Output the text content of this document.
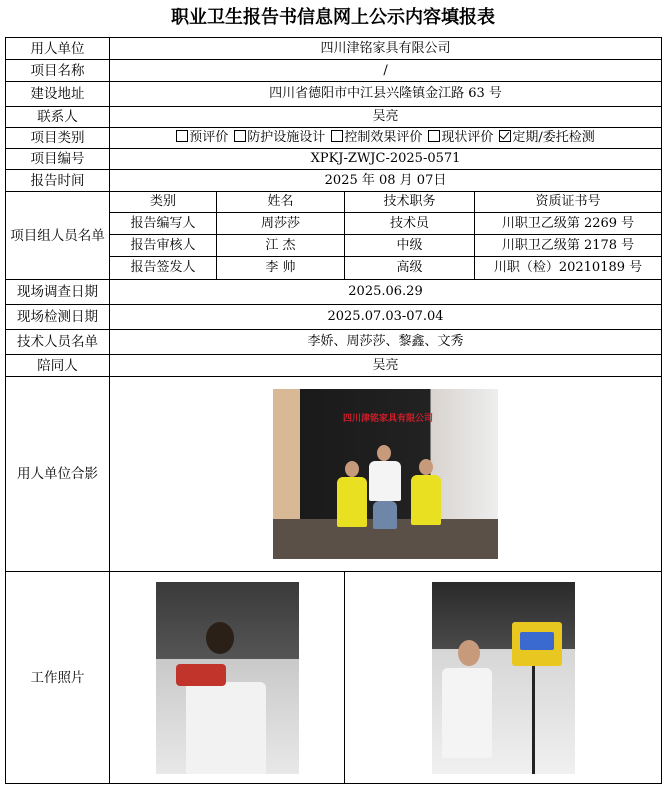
职业卫生报告书信息网上公示内容填报表
用人单位	四川津铭家具有限公司			
项目名称	/			
建设地址	四川省德阳市中江县兴隆镇金江路 63 号			
联系人	吴亮			
项目类别	预评价 防护设施设计 控制效果评价 现状评价 定期/委托检测			
项目编号	XPKJ-ZWJC-2025-0571			
报告时间	2025 年 08 月 07日			
项目组人员名单	类别	姓名	技术职务	资质证书号
	报告编写人	周莎莎	技术员	川职卫乙级第 2269 号
	报告审核人	江 杰	中级	川职卫乙级第 2178 号
	报告签发人	李 帅	高级	川职（检）20210189 号
现场调查日期	2025.06.29			
现场检测日期	2025.07.03-07.04			
技术人员名单	李娇、周莎莎、黎鑫、文秀			
陪同人	吴亮			
用人单位合影	四川津铭家具有限公司			

工作照片			
